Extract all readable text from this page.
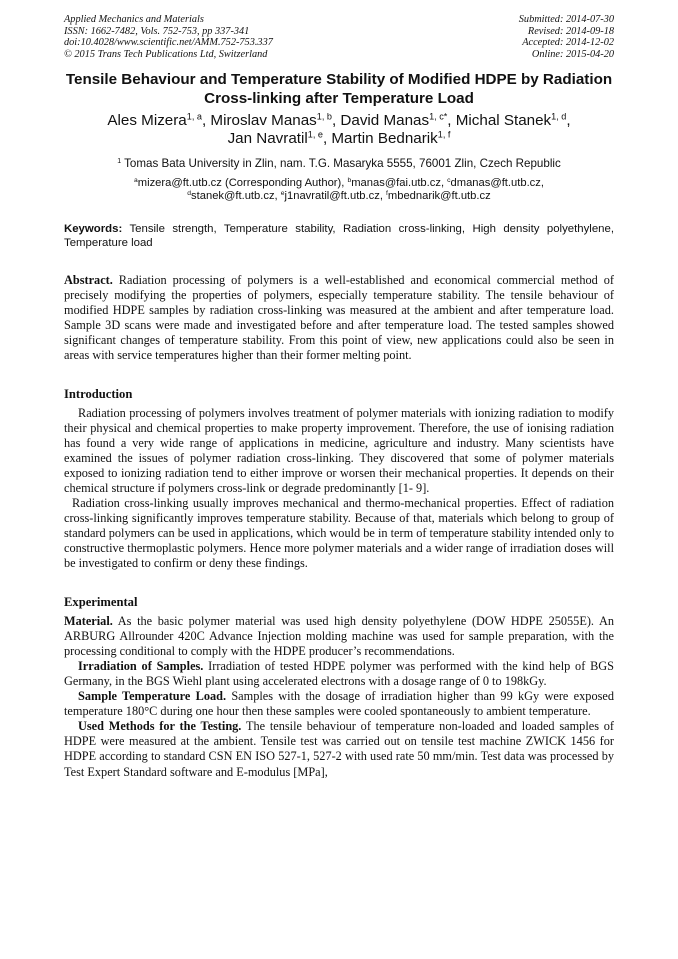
Applied Mechanics and Materials
ISSN: 1662-7482, Vols. 752-753, pp 337-341
doi:10.4028/www.scientific.net/AMM.752-753.337
© 2015 Trans Tech Publications Ltd, Switzerland
Submitted: 2014-07-30
Revised: 2014-09-18
Accepted: 2014-12-02
Online: 2015-04-20
Tensile Behaviour and Temperature Stability of Modified HDPE by Radiation Cross-linking after Temperature Load
Ales Mizera$^{1, a}$, Miroslav Manas$^{1, b}$, David Manas$^{1, c*}$, Michal Stanek$^{1, d}$,
Jan Navratil$^{1, e}$, Martin Bednarik$^{1, f}$
$^1$ Tomas Bata University in Zlin, nam. T.G. Masaryka 5555, 76001 Zlin, Czech Republic
$^a$mizera@ft.utb.cz (Corresponding Author), $^b$manas@fai.utb.cz, $^c$dmanas@ft.utb.cz,
$^d$stanek@ft.utb.cz, $^e$j1navratil@ft.utb.cz, $^f$mbednarik@ft.utb.cz
Keywords: Tensile strength, Temperature stability, Radiation cross-linking, High density polyethylene, Temperature load
Abstract. Radiation processing of polymers is a well-established and economical commercial method of precisely modifying the properties of polymers, especially temperature stability. The tensile behaviour of modified HDPE samples by radiation cross-linking was measured at the ambient and after temperature load. Sample 3D scans were made and investigated before and after temperature load. The tested samples showed significant changes of temperature stability. From this point of view, new applications could also be seen in areas with service temperatures higher than their former melting point.
Introduction

Radiation processing of polymers involves treatment of polymer materials with ionizing radiation to modify their physical and chemical properties to make property improvement. Therefore, the use of ionising radiation has found a very wide range of applications in medicine, agriculture and industry. Many scientists have examined the issues of polymer radiation cross-linking. They discovered that some of polymer materials exposed to ionizing radiation tend to either improve or worsen their mechanical properties. It depends on their chemical structure if polymers cross-link or degrade predominantly [1- 9].

Radiation cross-linking usually improves mechanical and thermo-mechanical properties. Effect of radiation cross-linking significantly improves temperature stability. Because of that, materials which belong to group of standard polymers can be used in applications, which would be in term of temperature stability intended only to constructive thermoplastic polymers. Hence more polymer materials and a wider range of irradiation doses will be investigated to confirm or deny these findings.

Experimental

Material. As the basic polymer material was used high density polyethylene (DOW HDPE 25055E). An ARBURG Allrounder 420C Advance Injection molding machine was used for sample preparation, with the processing conditional to comply with the HDPE producer’s recommendations.

Irradiation of Samples. Irradiation of tested HDPE polymer was performed with the kind help of BGS Germany, in the BGS Wiehl plant using accelerated electrons with a dosage range of 0 to 198kGy.

Sample Temperature Load. Samples with the dosage of irradiation higher than 99 kGy were exposed temperature 180°C during one hour then these samples were cooled spontaneously to ambient temperature.

Used Methods for the Testing. The tensile behaviour of temperature non-loaded and loaded samples of HDPE were measured at the ambient. Tensile test was carried out on tensile test machine ZWICK 1456 for HDPE according to standard CSN EN ISO 527-1, 527-2 with used rate 50 mm/min. Test data was processed by Test Expert Standard software and E-modulus [MPa],
